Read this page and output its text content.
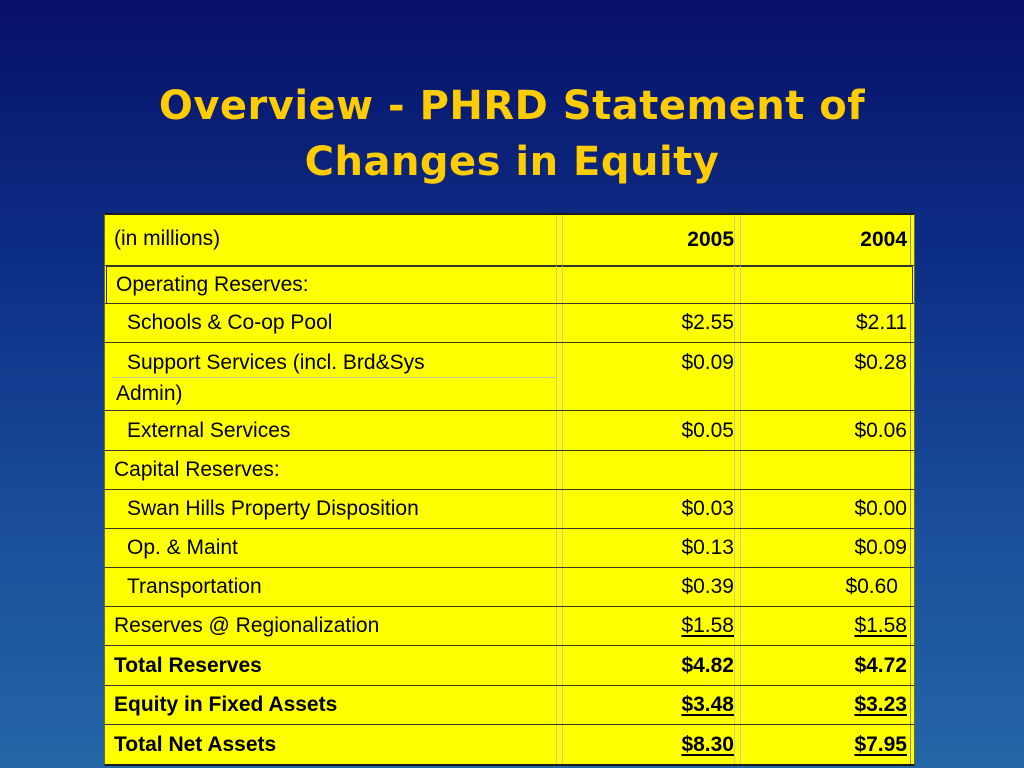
Overview - PHRD Statement of
Changes in Equity
(in millions)	2005	2004
Operating Reserves:
Schools & Co-op Pool	$2.55	$2.11
Support Services (incl. Brd&Sys
Admin)
$0.09	$0.28
External Services	$0.05	$0.06
Capital Reserves:
Swan Hills Property Disposition	$0.03	$0.00
Op. & Maint	$0.13	$0.09
Transportation	$0.39	$0.60
Reserves @ Regionalization	$1.58	$1.58
Total Reserves	$4.82	$4.72
Equity in Fixed Assets	$3.48	$3.23
Total Net Assets	$8.30	$7.95
